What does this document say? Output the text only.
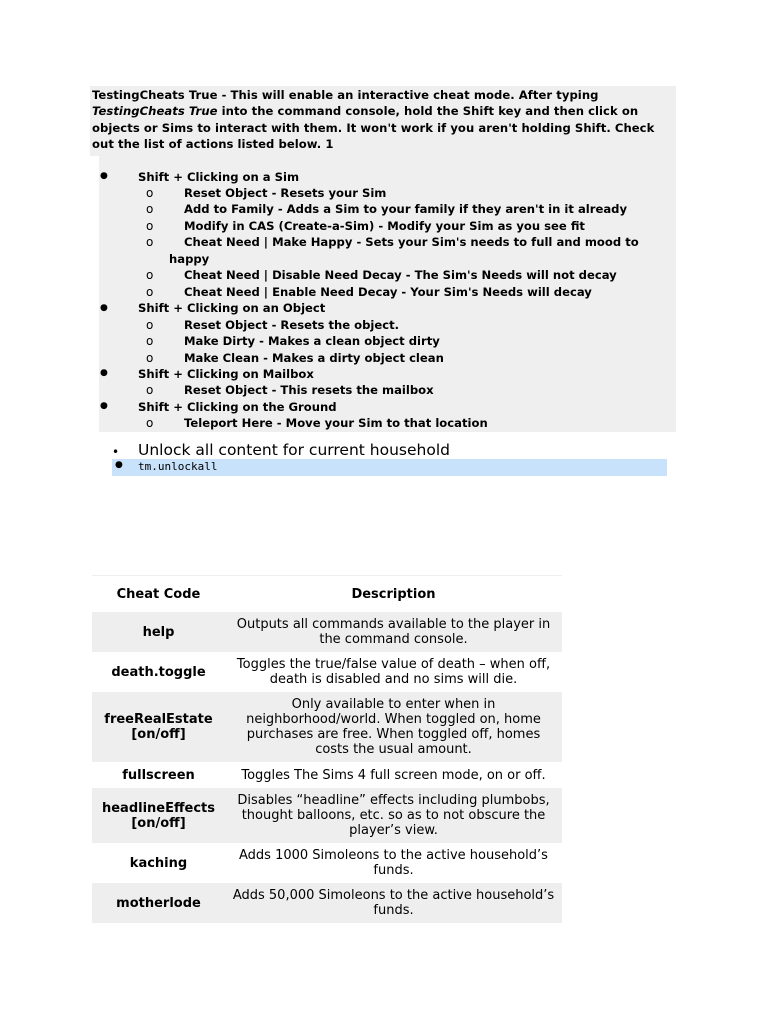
TestingCheats True - This will enable an interactive cheat mode. After typing TestingCheats True into the command console, hold the Shift key and then click on objects or Sims to interact with them. It won't work if you aren't holding Shift. Check out the list of actions listed below. 1
●	Shift + Clicking on a Sim
o	Reset Object - Resets your Sim
o	Add to Family - Adds a Sim to your family if they aren't in it already
o	Modify in CAS (Create-a-Sim) - Modify your Sim as you see fit
o	Cheat Need | Make Happy - Sets your Sim's needs to full and mood to
happy
o	Cheat Need | Disable Need Decay - The Sim's Needs will not decay
o	Cheat Need | Enable Need Decay - Your Sim's Needs will decay
●	Shift + Clicking on an Object
o	Reset Object - Resets the object.
o	Make Dirty - Makes a clean object dirty
o	Make Clean - Makes a dirty object clean
●	Shift + Clicking on Mailbox
o	Reset Object - This resets the mailbox
●	Shift + Clicking on the Ground
o	Teleport Here - Move your Sim to that location
• Unlock all content for current household
● tm.unlockall
Cheat Code	Description
help	Outputs all commands available to the player in the command console.
death.toggle	Toggles the true/false value of death – when off, death is disabled and no sims will die.
freeRealEstate [on/off]	Only available to enter when in neighborhood/world. When toggled on, home purchases are free. When toggled off, homes costs the usual amount.
fullscreen	Toggles The Sims 4 full screen mode, on or off.
headlineEffects [on/off]	Disables “headline” effects including plumbobs, thought balloons, etc. so as to not obscure the player’s view.
kaching	Adds 1000 Simoleons to the active household’s funds.
motherlode	Adds 50,000 Simoleons to the active household’s funds.
